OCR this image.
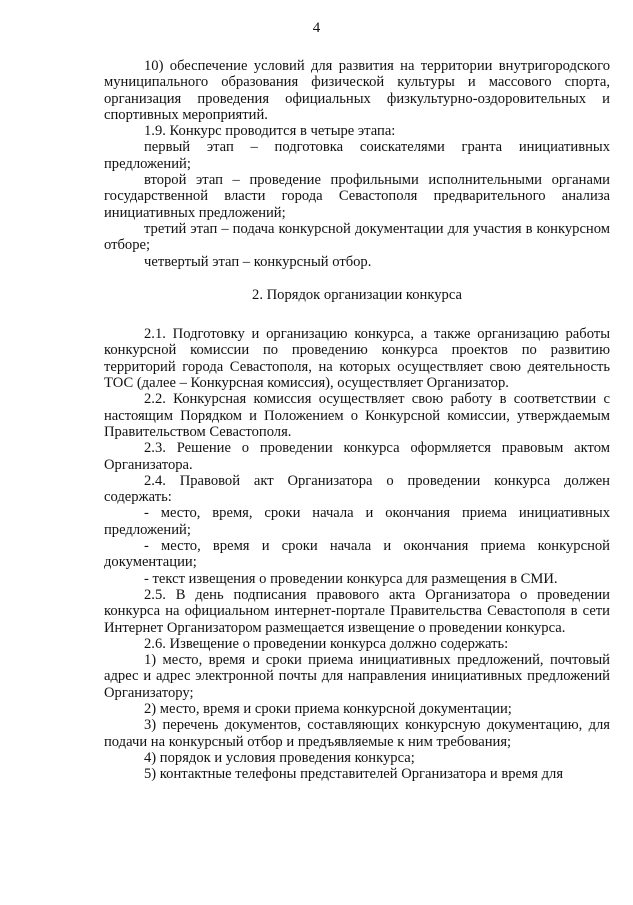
4

10) обеспечение условий для развития на территории внутригородского муниципального образования физической культуры и массового спорта, организация проведения официальных физкультурно-оздоровительных и спортивных мероприятий.

1.9. Конкурс проводится в четыре этапа:

первый этап – подготовка соискателями гранта инициативных предложений;

второй этап – проведение профильными исполнительными органами государственной власти города Севастополя предварительного анализа инициативных предложений;

третий этап – подача конкурсной документации для участия в конкурсном отборе;

четвертый этап – конкурсный отбор.

2. Порядок организации конкурса

2.1. Подготовку и организацию конкурса, а также организацию работы конкурсной комиссии по проведению конкурса проектов по развитию территорий города Севастополя, на которых осуществляет свою деятельность ТОС (далее – Конкурсная комиссия), осуществляет Организатор.

2.2. Конкурсная комиссия осуществляет свою работу в соответствии с настоящим Порядком и Положением о Конкурсной комиссии, утверждаемым Правительством Севастополя.

2.3. Решение о проведении конкурса оформляется правовым актом Организатора.

2.4. Правовой акт Организатора о проведении конкурса должен содержать:

- место, время, сроки начала и окончания приема инициативных предложений;

- место, время и сроки начала и окончания приема конкурсной документации;

- текст извещения о проведении конкурса для размещения в СМИ.

2.5. В день подписания правового акта Организатора о проведении конкурса на официальном интернет-портале Правительства Севастополя в сети Интернет Организатором размещается извещение о проведении конкурса.

2.6. Извещение о проведении конкурса должно содержать:

1) место, время и сроки приема инициативных предложений, почтовый адрес и адрес электронной почты для направления инициативных предложений Организатору;

2) место, время и сроки приема конкурсной документации;

3) перечень документов, составляющих конкурсную документацию, для подачи на конкурсный отбор и предъявляемые к ним требования;

4) порядок и условия проведения конкурса;

5) контактные телефоны представителей Организатора и время для
